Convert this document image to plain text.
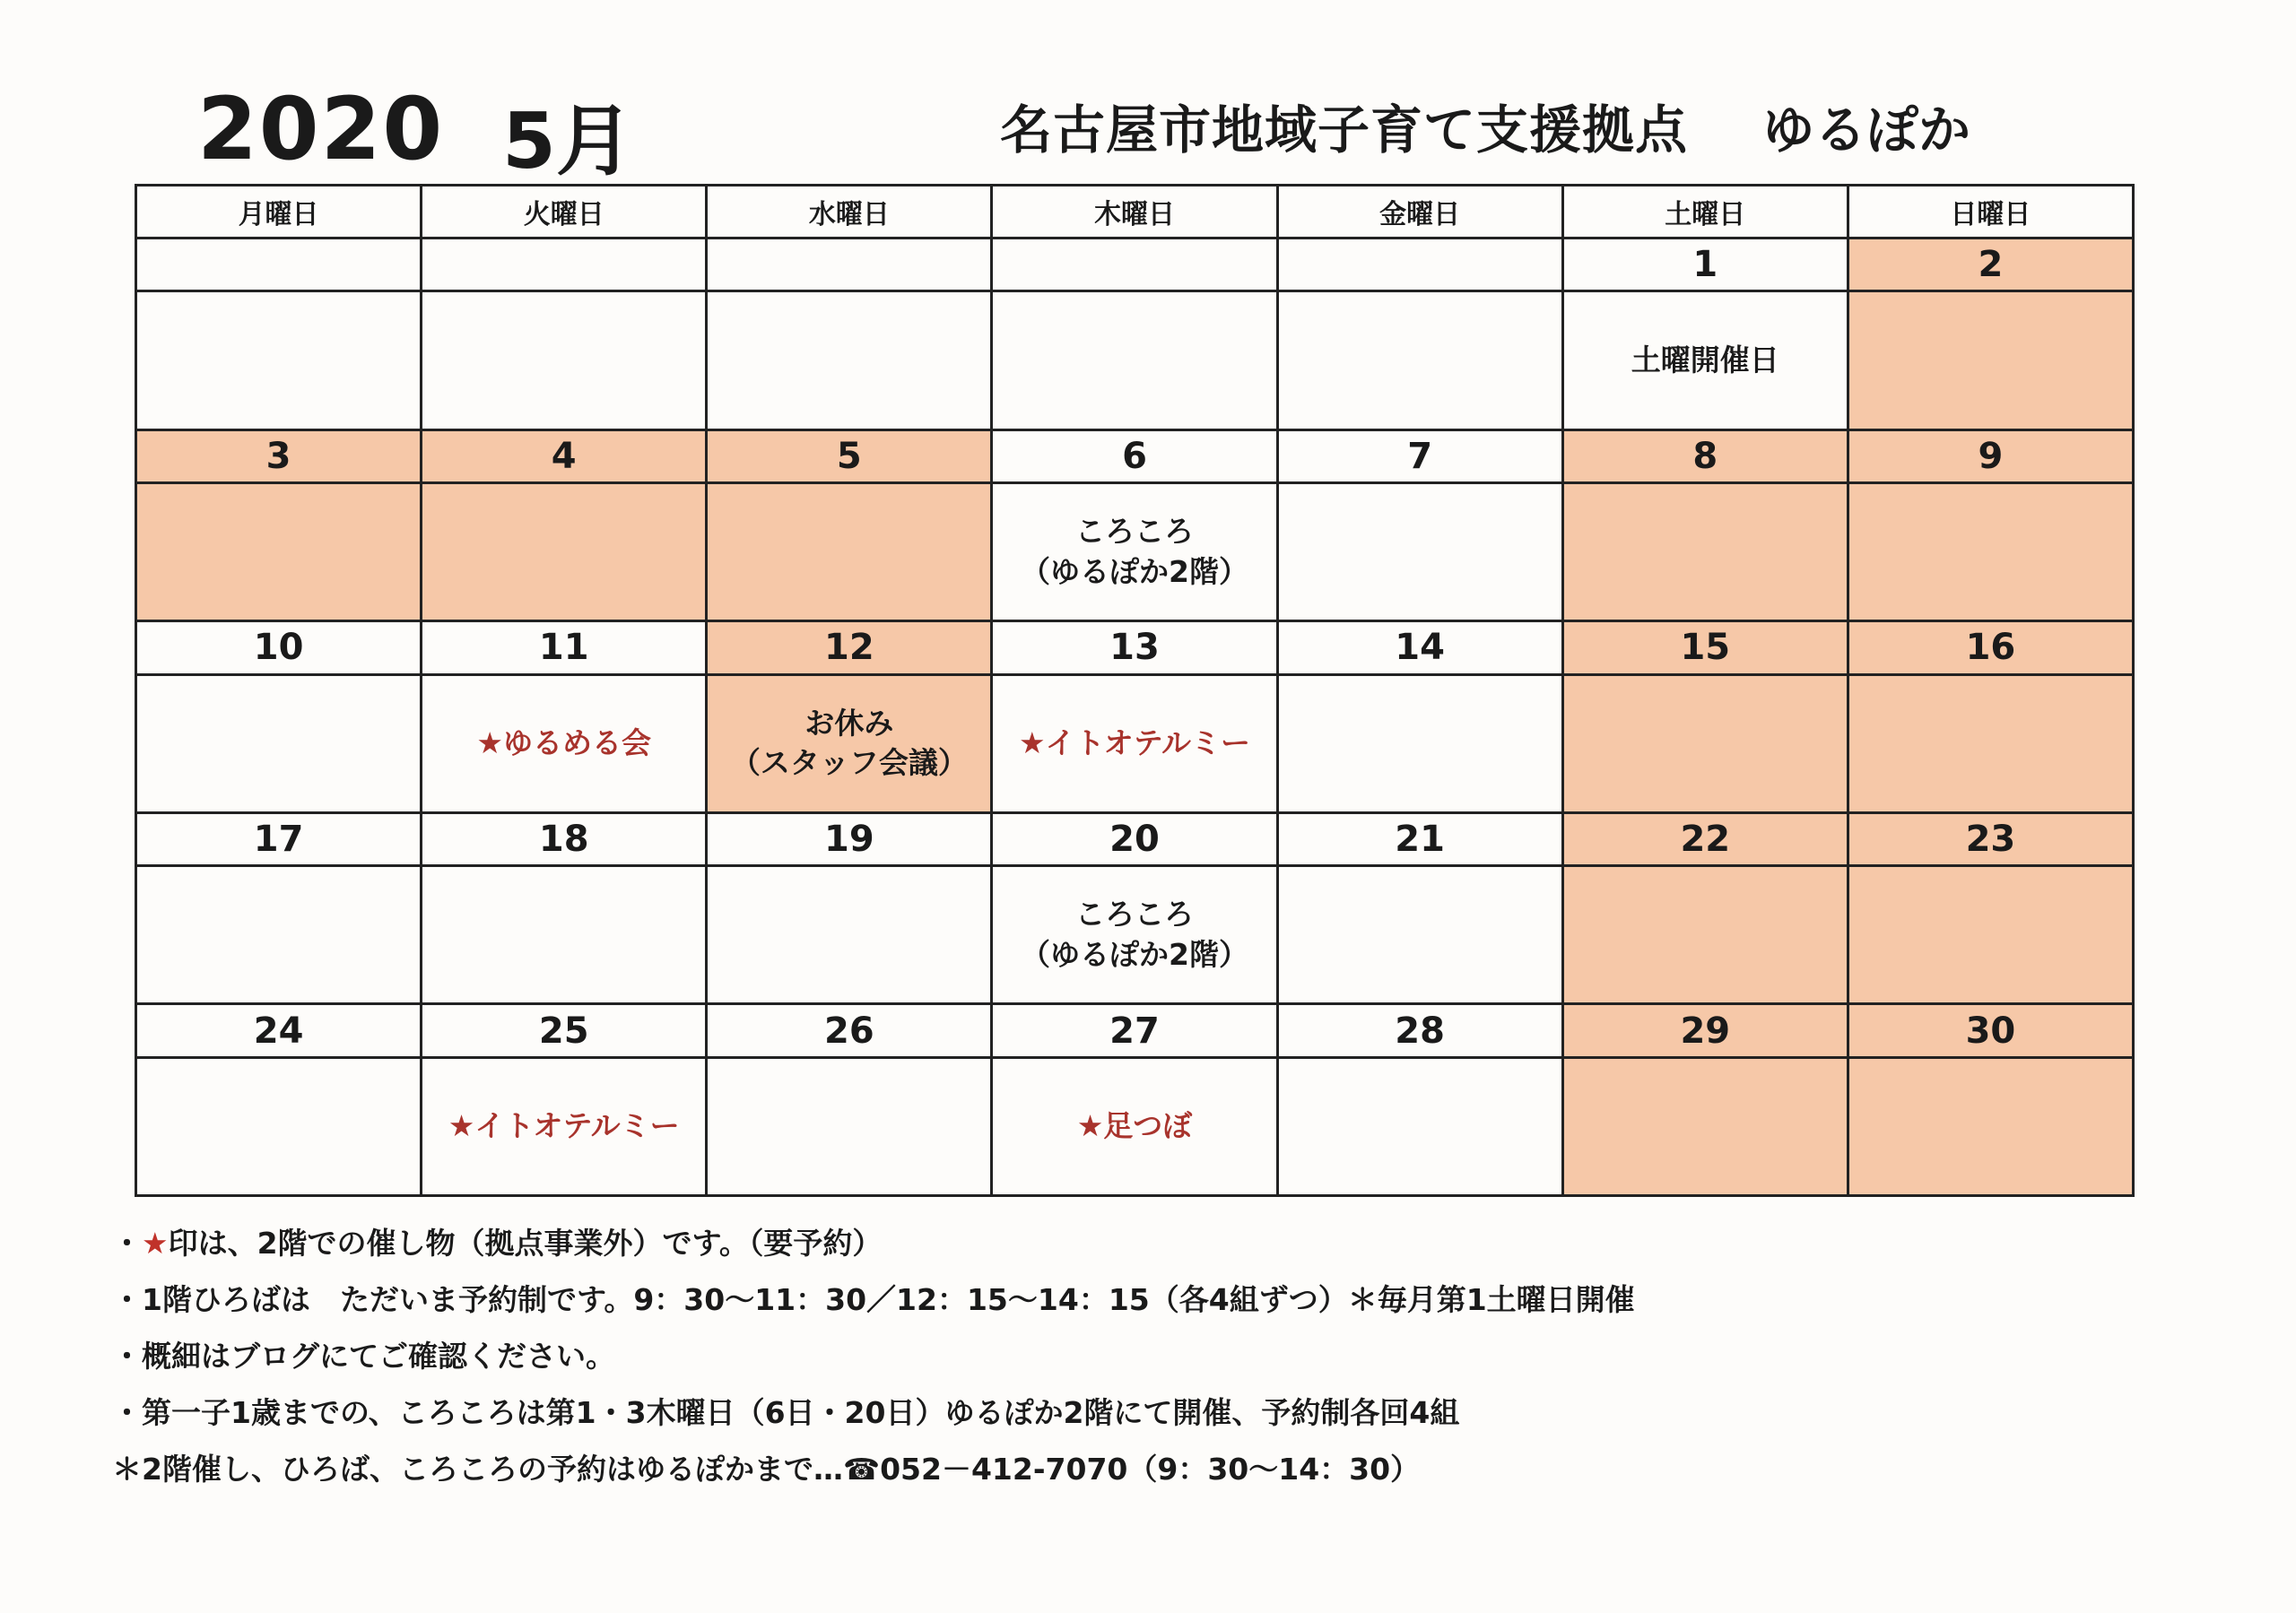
2020 5月	名古屋市地域子育て支援拠点 ゆるぽか
月曜日	火曜日	水曜日	木曜日	金曜日	土曜日	日曜日
					1	2

					土曜開催日	

3	4	5	6	7	8	9

			ころころ
（ゆるぽか2階）			

10	11	12	13	14	15	16

	★ゆるめる会	お休み
（スタッフ会議）	★イトオテルミー			

17	18	19	20	21	22	23

			ころころ
（ゆるぽか2階）			

24	25	26	27	28	29	30

	★イトオテルミー		★足つぼ			

・★印は、2階での催し物（拠点事業外）です。（要予約）
・1階ひろばは　ただいま予約制です。9：30～11：30／12：15～14：15（各4組ずつ）＊毎月第1土曜日開催
・概細はブログにてご確認ください。
・第一子1歳までの、ころころは第1・3木曜日（6日・20日）ゆるぽか2階にて開催、予約制各回4組
＊2階催し、ひろば、ころころの予約はゆるぽかまで…☎052－412‐7070（9：30～14：30）
